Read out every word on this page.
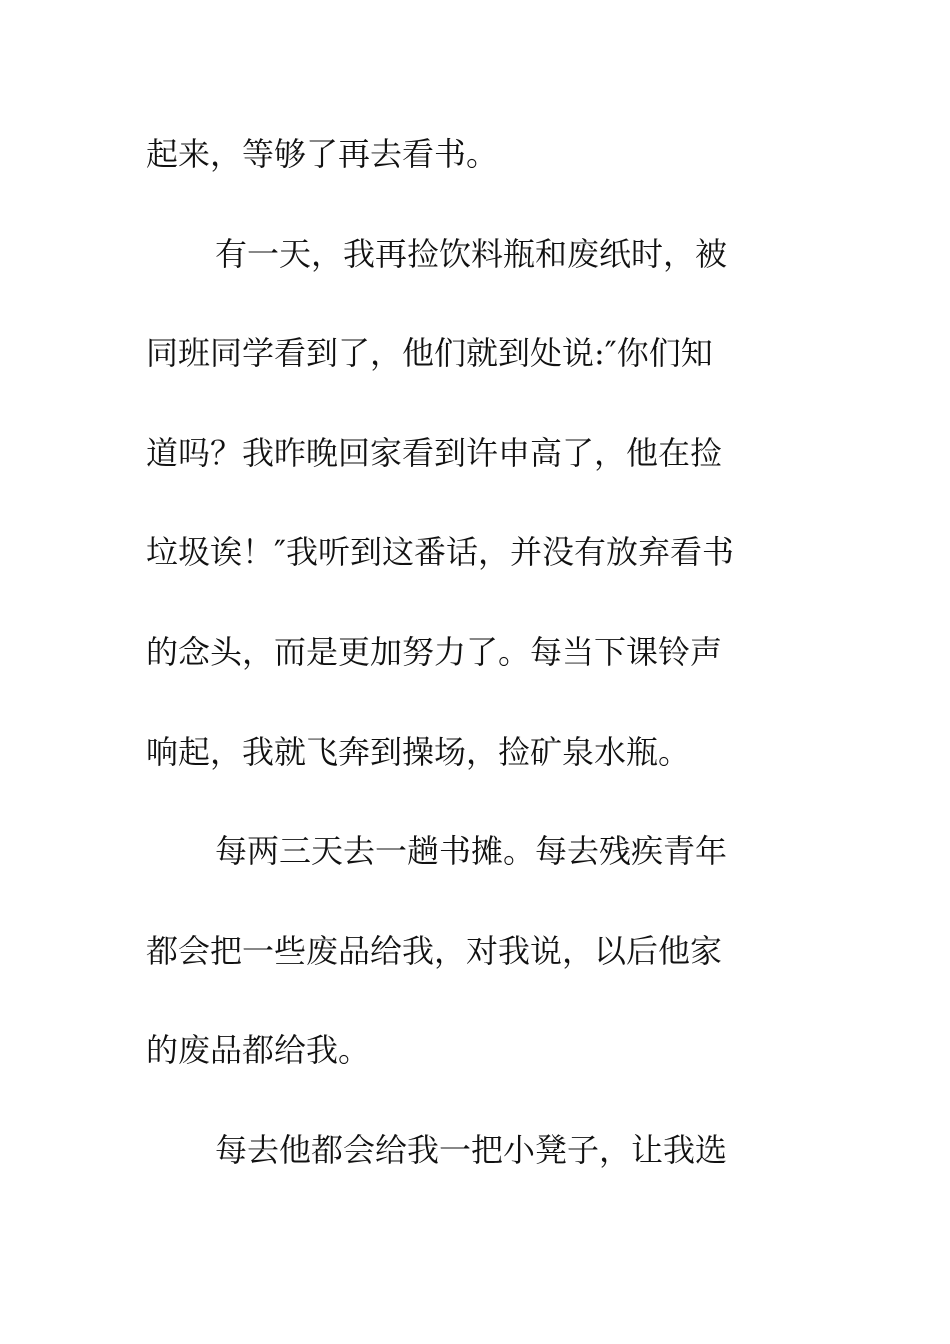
起来，等够了再去看书。
有一天，我再捡饮料瓶和废纸时，被
同班同学看到了，他们就到处说:″你们知
道吗？我昨晚回家看到许申高了，他在捡
垃圾诶！″我听到这番话，并没有放弃看书
的念头，而是更加努力了。每当下课铃声
响起，我就飞奔到操场，捡矿泉水瓶。
每两三天去一趟书摊。每去残疾青年
都会把一些废品给我，对我说，以后他家
的废品都给我。
每去他都会给我一把小凳子，让我选
